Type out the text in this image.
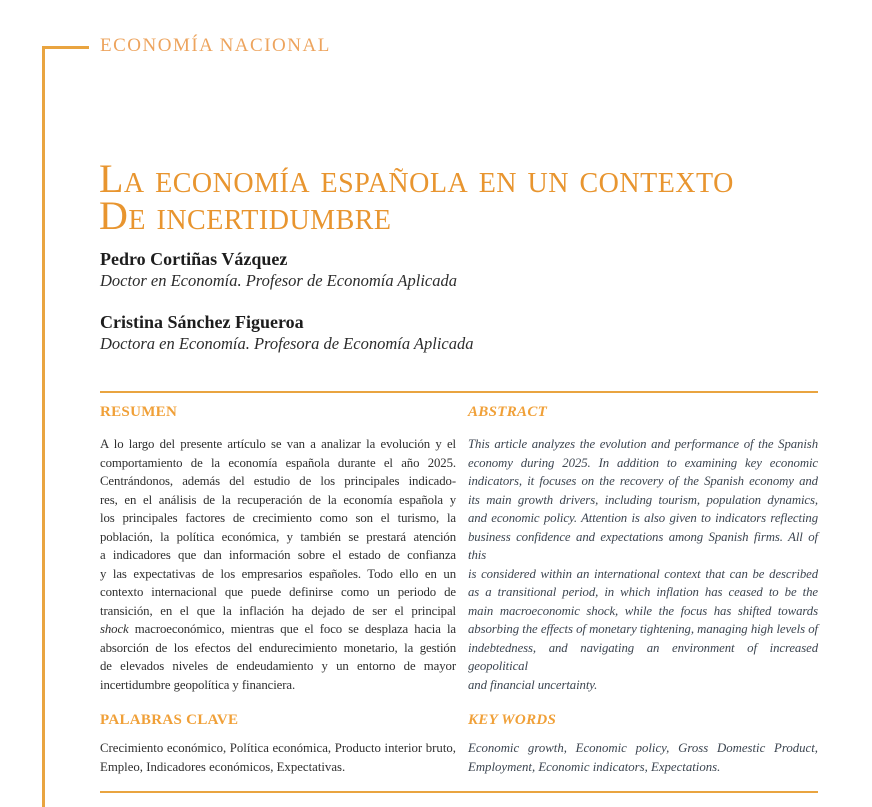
ECONOMÍA NACIONAL
La economía española en un contexto
De incertidumbre
Pedro Cortiñas Vázquez
Doctor en Economía. Profesor de Economía Aplicada
Cristina Sánchez Figueroa
Doctora en Economía. Profesora de Economía Aplicada
RESUMEN
A lo largo del presente artículo se van a analizar la evolución y el
comportamiento de la economía española durante el año 2025.
Centrándonos, además del estudio de los principales indicado-
res, en el análisis de la recuperación de la economía española y
los principales factores de crecimiento como son el turismo, la
población, la política económica, y también se prestará atención
a indicadores que dan información sobre el estado de confianza
y las expectativas de los empresarios españoles. Todo ello en un
contexto internacional que puede definirse como un periodo de
transición, en el que la inflación ha dejado de ser el principal
shock macroeconómico, mientras que el foco se desplaza hacia la
absorción de los efectos del endurecimiento monetario, la gestión
de elevados niveles de endeudamiento y un entorno de mayor
incertidumbre geopolítica y financiera.
PALABRAS CLAVE
Crecimiento económico, Política económica, Producto interior bruto, Empleo, Indicadores económicos, Expectativas.
ABSTRACT
This article analyzes the evolution and performance of the Spanish
economy during 2025. In addition to examining key economic
indicators, it focuses on the recovery of the Spanish economy and
its main growth drivers, including tourism, population dynamics,
and economic policy. Attention is also given to indicators reflecting
business confidence and expectations among Spanish firms. All of this
is considered within an international context that can be described
as a transitional period, in which inflation has ceased to be the
main macroeconomic shock, while the focus has shifted towards
absorbing the effects of monetary tightening, managing high levels of
indebtedness, and navigating an environment of increased geopolitical
and financial uncertainty.
KEY WORDS
Economic growth, Economic policy, Gross Domestic Product, Employment, Economic indicators, Expectations.
